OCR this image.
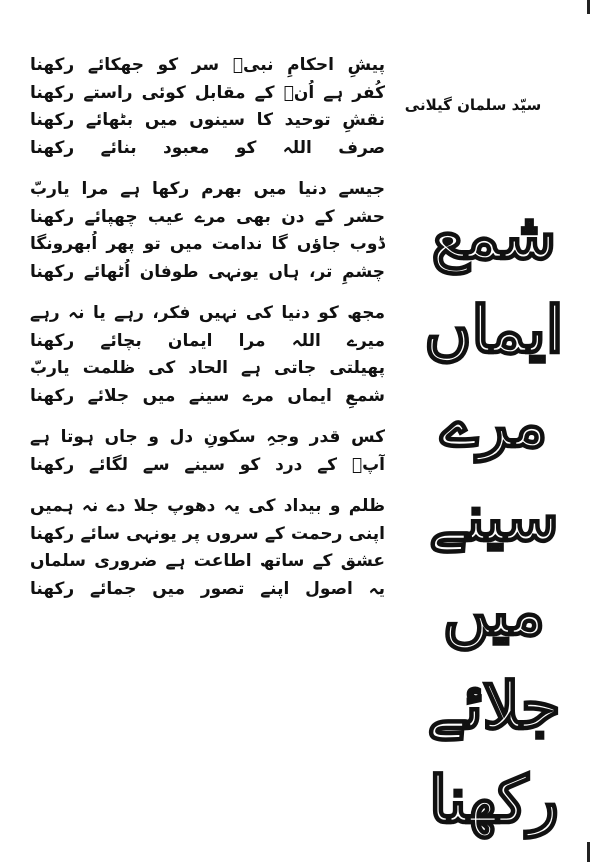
پیشِ احکامِ نبیؐ سر کو جھکائے رکھنا
کُفر ہے اُنؐ کے مقابل کوئی راستے رکھنا
نقشِ توحید کا سینوں میں بٹھائے رکھنا
صرف اللہ کو معبود بنائے رکھنا
جیسے دنیا میں بھرم رکھا ہے مرا یاربّ
حشر کے دن بھی مرے عیب چھپائے رکھنا
ڈوب جاؤں گا ندامت میں تو پھر اُبھرونگا
چشمِ تر، ہاں یونہی طوفان اُٹھائے رکھنا
مجھ کو دنیا کی نہیں فکر، رہے یا نہ رہے
میرے اللہ مرا ایمان بچائے رکھنا
پھیلتی جاتی ہے الحاد کی ظلمت یاربّ
شمعِ ایماں مرے سینے میں جلائے رکھنا
کس قدر وجہِ سکونِ دل و جاں ہوتا ہے
آپؐ کے درد کو سینے سے لگائے رکھنا
ظلم و بیداد کی یہ دھوپ جلا دے نہ ہمیں
اپنی رحمت کے سروں پر یونہی سائے رکھنا
عشق کے ساتھ اطاعت ہے ضروری سلماں
یہ اصول اپنے تصور میں جمائے رکھنا
سیّد سلمان گیلانی
شمع
ایماں
مرے
سینے
میں
جلائے
رکھنا
